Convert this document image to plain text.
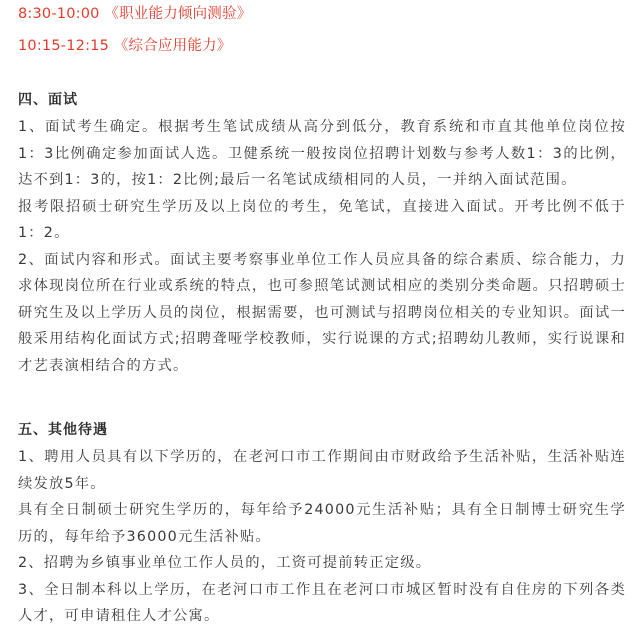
8:30-10:00 《职业能力倾向测验》
10:15-12:15 《综合应用能力》
四、面试

1、面试考生确定。根据考生笔试成绩从高分到低分，教育系统和市直其他单位岗位按1：3比例确定参加面试人选。卫健系统一般按岗位招聘计划数与参考人数1：3的比例，达不到1：3的，按1：2比例;最后一名笔试成绩相同的人员，一并纳入面试范围。

报考限招硕士研究生学历及以上岗位的考生，免笔试，直接进入面试。开考比例不低于1：2。

2、面试内容和形式。面试主要考察事业单位工作人员应具备的综合素质、综合能力，力求体现岗位所在行业或系统的特点，也可参照笔试测试相应的类别分类命题。只招聘硕士研究生及以上学历人员的岗位，根据需要，也可测试与招聘岗位相关的专业知识。面试一般采用结构化面试方式;招聘聋哑学校教师，实行说课的方式;招聘幼儿教师，实行说课和才艺表演相结合的方式。

五、其他待遇

1、聘用人员具有以下学历的，在老河口市工作期间由市财政给予生活补贴，生活补贴连续发放5年。

具有全日制硕士研究生学历的，每年给予24000元生活补贴；具有全日制博士研究生学历的，每年给予36000元生活补贴。

2、招聘为乡镇事业单位工作人员的，工资可提前转正定级。

3、全日制本科以上学历，在老河口市工作且在老河口市城区暂时没有自住房的下列各类人才，可申请租住人才公寓。
